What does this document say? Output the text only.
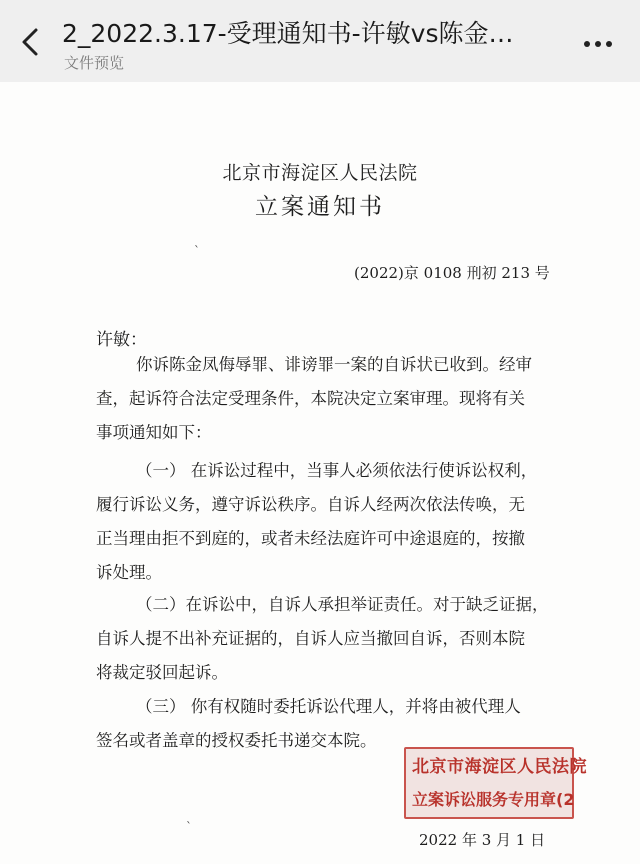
2_2022.3.17-受理通知书-许敏vs陈金…
文件预览
北京市海淀区人民法院
立案通知书
ˋ
(2022)京 0108 刑初 213 号
许敏：
你诉陈金凤侮辱罪、诽谤罪一案的自诉状已收到。经审
查，起诉符合法定受理条件，本院决定立案审理。现将有关
事项通知如下：
（一） 在诉讼过程中，当事人必须依法行使诉讼权利，
履行诉讼义务，遵守诉讼秩序。自诉人经两次依法传唤，无
正当理由拒不到庭的，或者未经法庭许可中途退庭的，按撤
诉处理。
（二）在诉讼中，自诉人承担举证责任。对于缺乏证据，
自诉人提不出补充证据的，自诉人应当撤回自诉，否则本院
将裁定驳回起诉。
（三） 你有权随时委托诉讼代理人，并将由被代理人
签名或者盖章的授权委托书递交本院。
北京市海淀区人民法院
立案诉讼服务专用章(2
ˋ
2022 年 3 月 1 日
